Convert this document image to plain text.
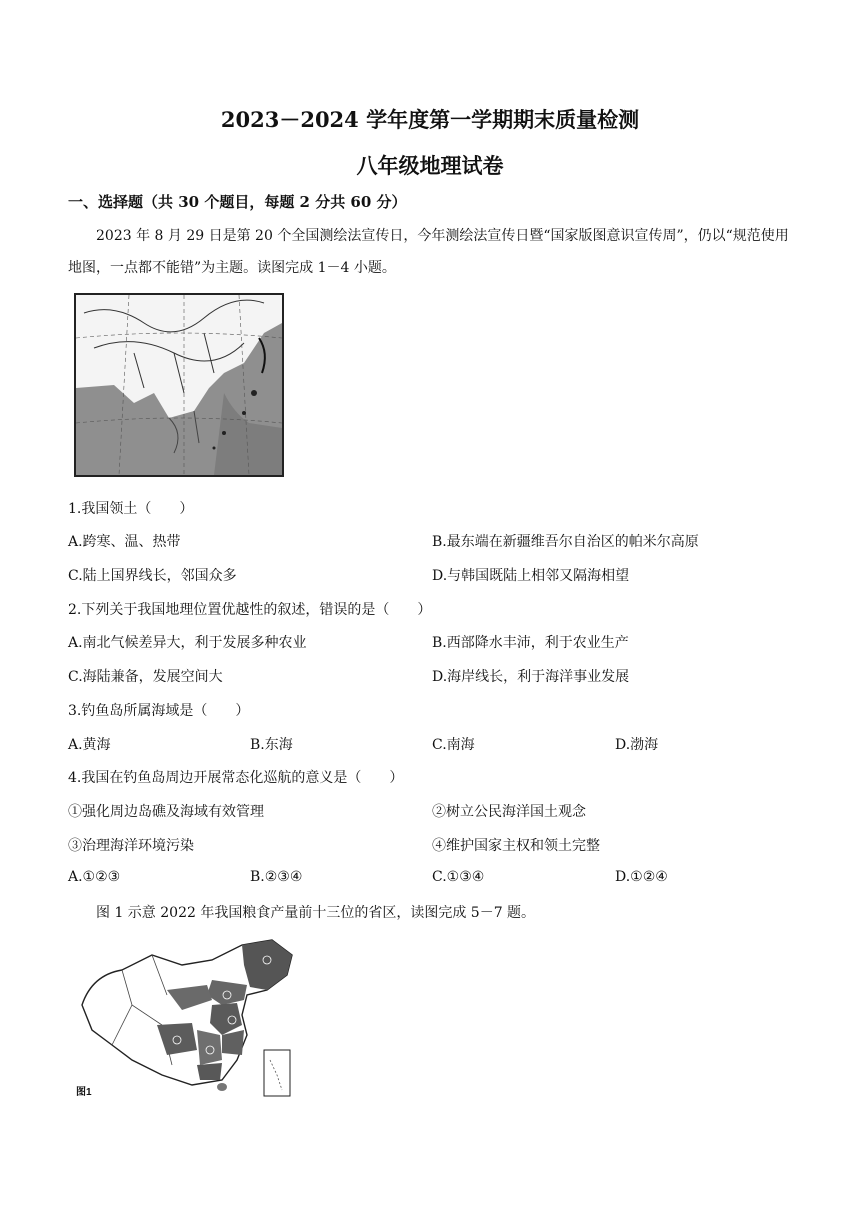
2023－2024 学年度第一学期期末质量检测
八年级地理试卷
一、选择题（共 30 个题目，每题 2 分共 60 分）
2023 年 8 月 29 日是第 20 个全国测绘法宣传日，今年测绘法宣传日暨“国家版图意识宣传周”，仍以“规范使用地图，一点都不能错”为主题。读图完成 1－4 小题。
1.我国领土（　　）
A.跨寒、温、热带	B.最东端在新疆维吾尔自治区的帕米尔高原
C.陆上国界线长，邻国众多	D.与韩国既陆上相邻又隔海相望
2.下列关于我国地理位置优越性的叙述，错误的是（　　）
A.南北气候差异大，利于发展多种农业	B.西部降水丰沛，利于农业生产
C.海陆兼备，发展空间大	D.海岸线长，利于海洋事业发展
3.钓鱼岛所属海域是（　　）
A.黄海	B.东海	C.南海	D.渤海
4.我国在钓鱼岛周边开展常态化巡航的意义是（　　）
①强化周边岛礁及海域有效管理	②树立公民海洋国土观念
③治理海洋环境污染	④维护国家主权和领土完整
A.①②③	B.②③④	C.①③④	D.①②④
图 1 示意 2022 年我国粮食产量前十三位的省区，读图完成 5－7 题。
图1
